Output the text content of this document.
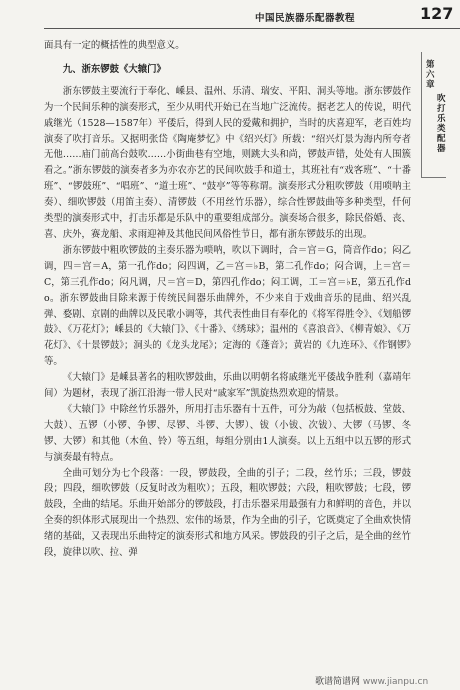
中国民族器乐配器教程	127
第六章
吹打乐类配器

面具有一定的概括性的典型意义。

九、浙东锣鼓《大辕门》

浙东锣鼓主要流行于奉化、嵊县、温州、乐清、瑞安、平阳、洞头等地。浙东锣鼓作为一个民间乐种的演奏形式，至少从明代开始已在当地广泛流传。据老艺人的传说，明代戚继光（1528—1587年）平倭后，得到人民的爱戴和拥护，当时的庆喜迎军，老百姓均演奏了吹打音乐。又据明张岱《陶庵梦忆》中《绍兴灯》所载：“绍兴灯景为海内所夸者无他……庙门前高台鼓吹……小街曲巷有空地，则跳大头和尚，锣鼓声错，处处有人围簇看之。”浙东锣鼓的演奏者多为亦农亦艺的民间吹鼓手和道士，其班社有“戏客班”、“十番班”、“锣鼓班”、“唱班”、“道士班”、“鼓亭”等等称谓。演奏形式分粗吹锣鼓（用唢呐主奏）、细吹锣鼓（用笛主奏）、清锣鼓（不用丝竹乐器），综合性锣鼓曲等多种类型，仟何类型的演奏形式中，打击乐都是乐队中的重要组成部分。演奏场合很多，除民俗婚、丧、喜、庆外，赛龙船、求雨迎神及其他民间风俗性节日，都有浙东锣鼓乐的出现。

浙东锣鼓中粗吹锣鼓的主奏乐器为唢呐，吹以下调时，合＝宫＝G，筒音作do；闷乙调，四＝宫＝A，第一孔作do；闷四调，乙＝宫＝♭B，第二孔作do；闷合调，上＝宫＝C，第三孔作do；闷凡调，尺＝宫＝D，第四孔作do；闷工调，工＝宫＝♭E，第五孔作do。浙东锣鼓曲目除来源于传统民间器乐曲牌外，不少来自于戏曲音乐的昆曲、绍兴乱弹、婺剧、京剧的曲牌以及民歌小调等，其代表性曲目有奉化的《将军得胜令》、《划船锣鼓》、《万花灯》；嵊县的《大辕门》、《十番》、《绣球》；温州的《喜浪音》、《柳青娘》、《万花灯》、《十景锣鼓》；洞头的《龙头龙尾》；定海的《蓬音》；黄岩的《九连环》、《作钢锣》等。

《大辕门》是嵊县著名的粗吹锣鼓曲，乐曲以明朝名将戚继光平倭战争胜利（嘉靖年间）为题材，表现了浙江沿海一带人民对“戚家军”凯旋热烈欢迎的情景。

《大辕门》中除丝竹乐器外，所用打击乐器有十五件，可分为敲（包括板鼓、堂鼓、大鼓）、五锣（小锣、争锣、尽锣、斗锣、大锣）、钹（小钹、次钹）、大锣（马锣、冬锣、大锣）和其他（木鱼、铃）等五组，每组分别由1人演奏。以上五组中以五锣的形式与演奏最有特点。

全曲可划分为七个段落：一段，锣鼓段，全曲的引子；二段，丝竹乐；三段，锣鼓段；四段，细吹锣鼓（反复时改为粗吹）；五段，粗吹锣鼓；六段，粗吹锣鼓；七段，锣鼓段，全曲的结尾。乐曲开始部分的锣鼓段，打击乐器采用最强有力和鲜明的音色，并以全奏的织体形式展现出一个热烈、宏伟的场景，作为全曲的引子，它既奠定了全曲欢快情绪的基础，又表现出乐曲特定的演奏形式和地方风采。锣鼓段的引子之后，是全曲的丝竹段，旋律以吹、拉、弹

歌谱简谱网 www.jianpu.cn
